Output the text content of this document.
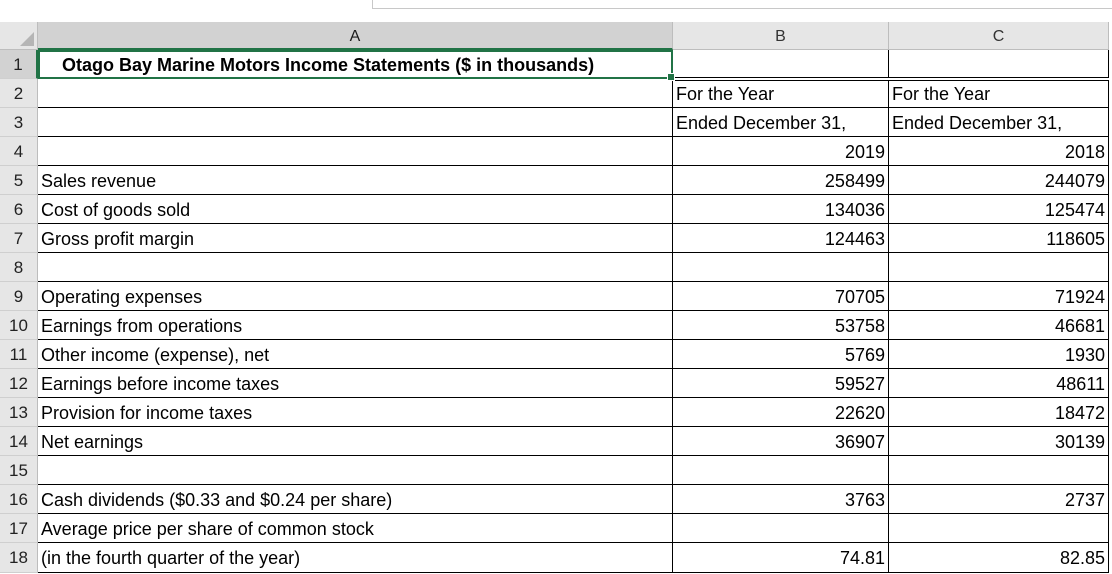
A	B	C
1	Otago Bay Marine Motors Income Statements ($ in thousands)
2	For the Year	For the Year
3	Ended December 31,	Ended December 31,
4	2019	2018
5 Sales revenue	258499	244079
6 Cost of goods sold	134036	125474
7 Gross profit margin	124463	118605
8
9 Operating expenses	70705	71924
10 Earnings from operations	53758	46681
11 Other income (expense), net	5769	1930
12 Earnings before income taxes	59527	48611
13 Provision for income taxes	22620	18472
14 Net earnings	36907	30139
15
16 Cash dividends ($0.33 and $0.24 per share)	3763	2737
17 Average price per share of common stock
18 (in the fourth quarter of the year)	74.81	82.85
